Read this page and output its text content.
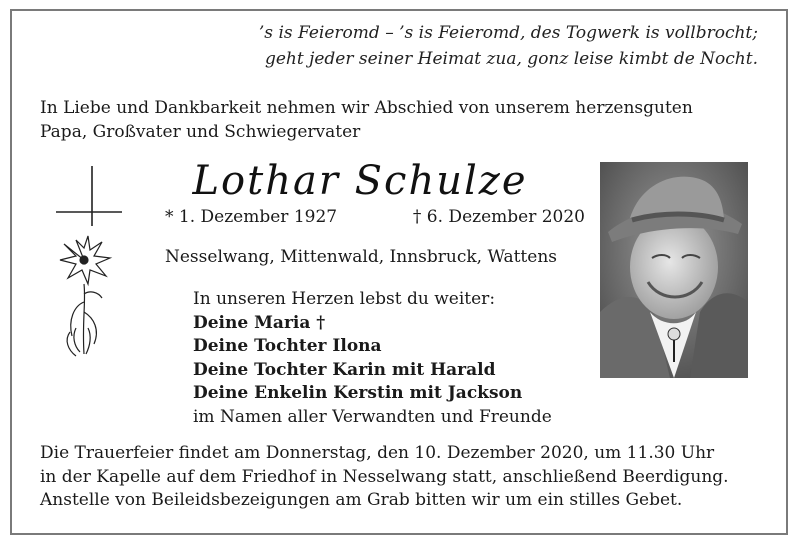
’s is Feieromd – ’s is Feieromd, des Togwerk is vollbrocht;
geht jeder seiner Heimat zua, gonz leise kimbt de Nocht.
In Liebe und Dankbarkeit nehmen wir Abschied von unserem herzensguten
Papa, Großvater und Schwiegervater
Lothar Schulze
* 1. Dezember 1927	† 6. Dezember 2020
Nesselwang, Mittenwald, Innsbruck, Wattens
In unseren Herzen lebst du weiter:
Deine Maria †
Deine Tochter Ilona
Deine Tochter Karin mit Harald
Deine Enkelin Kerstin mit Jackson
im Namen aller Verwandten und Freunde
Die Trauerfeier findet am Donnerstag, den 10. Dezember 2020, um 11.30 Uhr
in der Kapelle auf dem Friedhof in Nesselwang statt, anschließend Beerdigung.
Anstelle von Beileidsbezeigungen am Grab bitten wir um ein stilles Gebet.
